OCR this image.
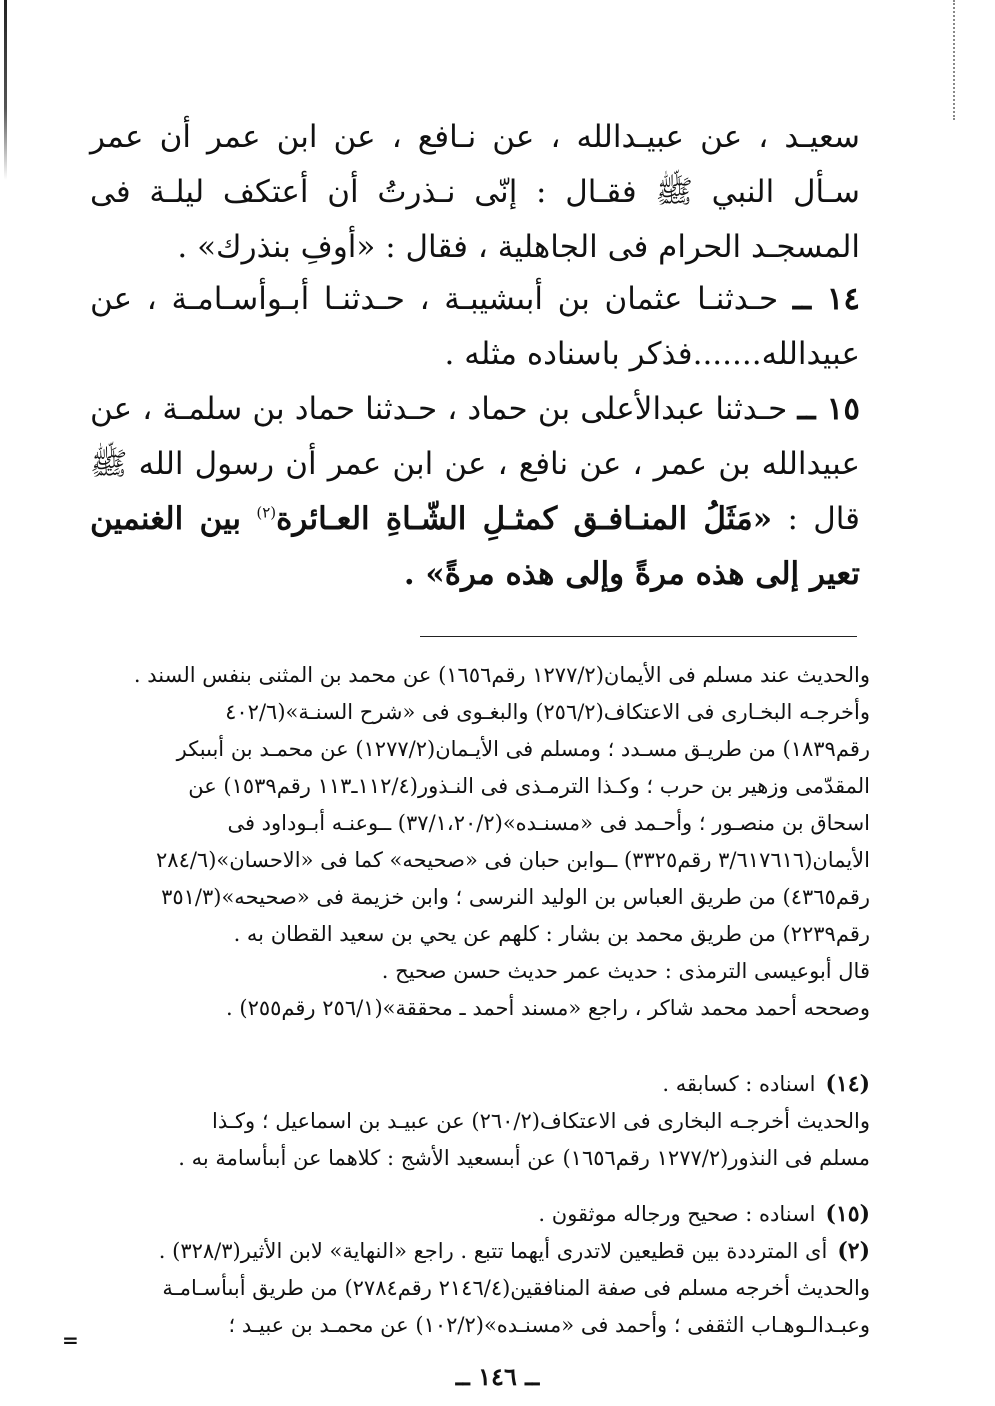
سعيـد ، عن عبيـدالله ، عن نـافع ، عن ابن عمر أن عمر سـأل النبي ﷺ فقـال : إنّى نـذرتُ أن أعتكف ليلـة فى المسجـد الحرام فى الجاهلية ، فقال : «أوفِ بنذرك» .
١٤ ــ حـدثنـا عثمان بن أبىشيبـة ، حـدثنـا أبـوأسـامـة ، عن عبيدالله.......فذكر باسناده مثله .
١٥ ــ حـدثنا عبدالأعلى بن حماد ، حـدثنا حماد بن سلمـة ، عن عبيدالله بن عمر ، عن نافع ، عن ابن عمر أن رسول الله ﷺ قال : «مَثَلُ المنـافـق كمثـلِ الشّـاةِ العـائرة$^{(٢)}$ بين الغنمين تعير إلى هذه مرةً وإلى هذه مرةً» .
والحديث عند مسلم فى الأيمان(١٢٧٧/٢ رقم١٦٥٦) عن محمد بن المثنى بنفس السند .
وأخرجـه البخـارى فى الاعتكاف(٢٥٦/٢) والبغـوى فى «شرح السنـة»(٤٠٢/٦
رقم١٨٣٩) من طريـق مسـدد ؛ ومسلم فى الأيـمان(١٢٧٧/٢) عن محمـد بن أبىبكر
المقدّمى وزهير بن حرب ؛ وكـذا الترمـذى فى النـذور(١١٢/٤ـ١١٣ رقم١٥٣٩) عن
اسحاق بن منصـور ؛ وأحـمد فى «مسنـده»(٣٧/١،٢٠/٢) ــوعنـه أبـوداود فى
الأيمان(٣/٦١٧٦١٦ رقم٣٣٢٥) ــوابن حبان فى «صحيحه» كما فى «الاحسان»(٢٨٤/٦
رقم٤٣٦٥) من طريق العباس بن الوليد النرسى ؛ وابن خزيمة فى «صحيحه»(٣٥١/٣
رقم٢٢٣٩) من طريق محمد بن بشار : كلهم عن يحي بن سعيد القطان به .
قال أبوعيسى الترمذى : حديث عمر حديث حسن صحيح .
وصححه أحمد محمد شاكر ، راجع «مسند أحمد ـ محققة»(٢٥٦/١ رقم٢٥٥) .
(١٤)اسناده : كسابقه .
والحديث أخرجـه البخارى فى الاعتكاف(٢٦٠/٢) عن عبيـد بن اسماعيل ؛ وكـذا
مسلم فى النذور(١٢٧٧/٢ رقم١٦٥٦) عن أبىسعيد الأشج : كلاهما عن أبىأسامة به .
(١٥)اسناده : صحيح ورجاله موثقون .
(٢)أى المترددة بين قطيعين لاتدرى أيهما تتبع . راجع «النهاية» لابن الأثير(٣٢٨/٣) .
والحديث أخرجه مسلم فى صفة المنافقين(٢١٤٦/٤ رقم٢٧٨٤) من طريق أبىأسـامـة
وعبـدالـوهـاب الثقفى ؛ وأحمد فى «مسنـده»(١٠٢/٢) عن محمـد بن عبيـد ؛
=
ــ ١٤٦ ــ
